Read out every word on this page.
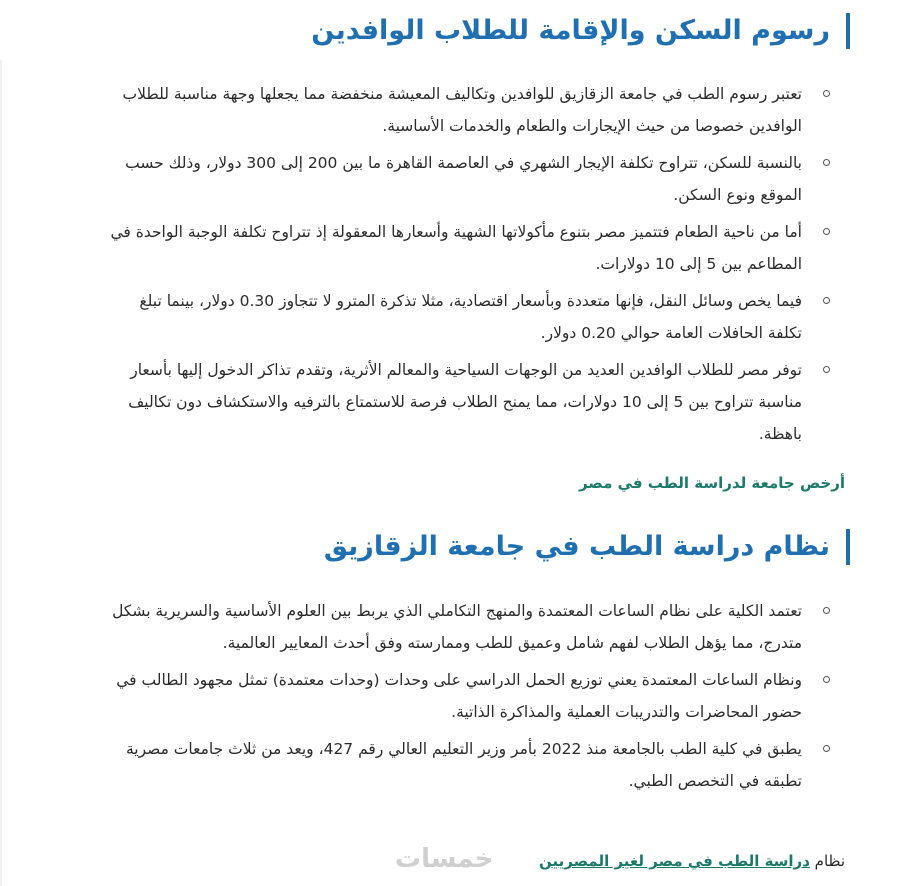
رسوم السكن والإقامة للطلاب الوافدين
تعتبر رسوم الطب في جامعة الزقازيق للوافدين وتكاليف المعيشة منخفضة مما يجعلها وجهة مناسبة للطلاب الوافدين خصوصا من حيث الإيجارات والطعام والخدمات الأساسية.
بالنسبة للسكن، تتراوح تكلفة الإيجار الشهري في العاصمة القاهرة ما بين 200 إلى 300 دولار، وذلك حسب الموقع ونوع السكن.
أما من ناحية الطعام فتتميز مصر بتنوع مأكولاتها الشهية وأسعارها المعقولة إذ تتراوح تكلفة الوجبة الواحدة في المطاعم بين 5 إلى 10 دولارات.
فيما يخص وسائل النقل، فإنها متعددة وبأسعار اقتصادية، مثلا تذكرة المترو لا تتجاوز 0.30 دولار، بينما تبلغ تكلفة الحافلات العامة حوالي 0.20 دولار.
توفر مصر للطلاب الوافدين العديد من الوجهات السياحية والمعالم الأثرية، وتقدم تذاكر الدخول إليها بأسعار مناسبة تتراوح بين 5 إلى 10 دولارات، مما يمنح الطلاب فرصة للاستمتاع بالترفيه والاستكشاف دون تكاليف باهظة.
أرخص جامعة لدراسة الطب في مصر
نظام دراسة الطب في جامعة الزقازيق
تعتمد الكلية على نظام الساعات المعتمدة والمنهج التكاملي الذي يربط بين العلوم الأساسية والسريرية بشكل متدرج، مما يؤهل الطلاب لفهم شامل وعميق للطب وممارسته وفق أحدث المعايير العالمية.
ونظام الساعات المعتمدة يعني توزيع الحمل الدراسي على وحدات (وحدات معتمدة) تمثل مجهود الطالب في حضور المحاضرات والتدريبات العملية والمذاكرة الذاتية.
يطبق في كلية الطب بالجامعة منذ 2022 بأمر وزير التعليم العالي رقم 427، ويعد من ثلاث جامعات مصرية تطبقه في التخصص الطبي.
نظام دراسة الطب في مصر لغير المصريين
خمسات
